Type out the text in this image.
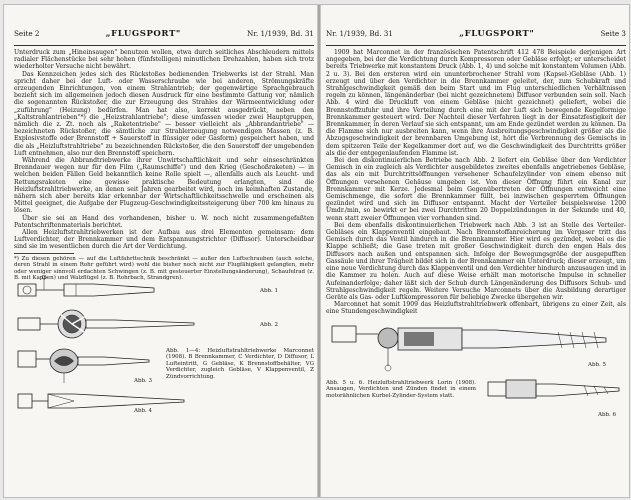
Seite 2	„FLUGSPORT"	Nr. 1/1939, Bd. 31

Unterdruck zum „Hineinsaugen" benutzen wollen, etwa durch seitliches Abschleudern mittels radialer Flächenstücke bei sehr hohen (fünfstelligen) minutlichen Drehzahlen, haben sich trotz wiederholter Versuche nicht bewährt.

Das Kennzeichen jedes sich des Rückstoßes bedienenden Triebwerks ist der Strahl. Man spricht daher bei der Luft- oder Wasserschraube wie bei anderen, Strömungskräfte erzeugenden Einrichtungen, von einem Strahlantrieb; der gegenwärtige Sprachgebrauch bezieht sich im allgemeinen jedoch diesen Ausdruck für eine bestimmte Gattung vor, nämlich die sogenannten Rückstoßer, die zur Erzeugung des Strahles der Wärmeentwicklung oder „zuführung" (Heizung) bedürfen. Man hat also, korrekt ausgedrückt, neben den „Kaltstrahlantrieben"*) die „Heizstrahlantriebe"; diese umfassen wieder zwei Hauptgruppen, nämlich die z. Zt. noch als „Raketentriebe" — besser vielleicht als „Abbrandantriebe" — bezeichneten Rückstoßer, die sämtliche zur Strahlerzeugung notwendigen Massen (z. B. Explosivstoffe oder Brennstoff + Sauerstoff in flüssiger oder Gasform) gespeichert haben, und die als „Heizluftstrahltriebe" zu bezeichnenden Rückstoßer, die den Sauerstoff der umgebenden Luft entnehmen, also nur den Brennstoff speichern.

Während die Abbrandtriebwerke ihrer Unwirtschaftlichkeit und sehr einseschränkten Brenndauer wegen nur für den Film („Raumschiffe") und den Krieg (Geschoßraketen) — in welchen beiden Fällen Geld bekanntlich keine Rolle spielt —, allenfalls auch als Leucht- und Rettungsraketen eine gewisse praktische Bedeutung erlangten, sind die Heizluftstrahltriebwerke, an denen seit Jahren gearbeitet wird, noch im keimhaften Zustande, nähern sich aber bereits klar erkennbar der Wirtschaftlichkeitsschwelle und erscheinen als Mittel geeignet, die Aufgabe der Flugzeug-Geschwindigkeitssteigerung über 700 km hinaus zu lösen.

Über sie sei an Hand des vorhandenen, bisher u. W. noch nicht zusammengefaßten Patentschriftenmaterials berichtet.

Allen Heizluftstrahltriebwerken ist der Aufbau aus drei Elementen gemeinsam: dem Luftverdichter, der Brennkammer und dem Entspannungstrichter (Diffusor). Unterscheidbar sind sie im wesentlichen durch die Art der Verdichtung.

*) Zu diesen gehören — auf die Luftfahrttechnik beschränkt — außer den Luftschrauben (auch solche, deren Strahl in einem Rohr geführt wird) wohl die bisher noch nicht zur Flugfähigkeit gelangten, mehr oder weniger sinnvoll erdachten Schwingen (z. B. mit gesteuerter Einstellungsänderung), Schaufelrad (z. B. mit Kappen) und Walzflügel (z. B. Rohrbach, Strandgren).
Abb. 1
Abb. 2
Abb. 3
Abb. 1—4: Heizluftstrahltriebwerke Marconnet (1908). B Brennkammer, C Verdichter, D Diffusor, L Lufteintritt, G Gebläse, K Brennstoffbehälter, VG Verdichter, zugleich Gebläse, V Klappenventil, Z Zündvorrichtung.
Abb. 4
Nr. 1/1939, Bd. 31	„FLUGSPORT"	Seite 3

1909 hat Marconnet in der französischen Patentschrift 412 478 Beispiele derjenigen Art angegeben, bei der die Verdichtung durch Kompressoren oder Gebläse erfolgt; er unterscheidet bereits Triebwerke mit konstantem Druck (Abb. 1, 4) und solche mit konstantem Volumen (Abb. 2 u. 3). Bei den ersteren wird ein ununterbrochener Strahl vom (Kapsel-)Gebläse (Abb. 1) erzeugt und über den Verdichter in die Brennkammer geleitet, der, zum Schubkraft und Strahlgeschwindigkeit gemäß den beim Start und im Flug unterschiedlichen Verhältnissen regeln zu können, längenänderbar (bei nicht gezeichnetem) Diffusor verbunden sein soll. Nach Abb. 4 wird die Druckluft von einem Gebläse (nicht gezeichnet) geliefert, wobei die Brennstoffzufuhr und ihre Verteilung durch eine mit der Luft sich bewegende Kegelformige Brennkammer gesteuert wird. Der Nachteil dieser Verfahren liegt in der Einsatzfestigkeit der Brennkammer, in deren Verlauf sie sich entspannt, um am Ende gezündet werden zu können. Da die Flamme sich nur ausbreiten kann, wenn ihre Ausbreitungsgeschwindigkeit größer als die Abzugsgeschwindigkeit der brennbaren Umgebung ist, hört die Verbrennung des Gemischs in dem spitzeren Teile der Kegelkammer dort auf, wo die Geschwindigkeit des Durchtritts größer als die der entgegenlaufenden Flamme ist.

Bei den diskontinuierlichen Betriebe nach Abb. 2 liefert ein Gebläse über den Verdichter Gemisch in ein zugleich als Verdichter ausgebildetes zweites ebenfalls angetriebenes Gebläse, das als ein mit Durchtrittsöffnungen versehener Schaufelzylinder von einem ebenso mit Öffnungen versehenen Gehäuse umgeben ist. Von dieser Öffnung führt ein Kanal zur Brennkammer mit Kerze. Jedesmal beim Gegenübertreten der Öffnungen entweicht eine Gemischmenge, die sofort die Brennkammer füllt, bei inzwischen gesperrtem Öffnungen gezündet wird und sich im Diffusor entspannt. Macht der Verteiler beispielsweise 1200 Umdr./min, so bewirkt er bei zwei Durchtritten 20 Doppelzündungen in der Sekunde und 40, wenn statt zweier Öffnungen vier vorhanden sind.

Bei dem ebenfalls diskontinuierlichen Triebwerk nach Abb. 3 ist an Stelle des Verteiler-Gebläses ein Klappenventil eingebaut. Nach Brennstoffanreicherung im Vergaser tritt das Gemisch durch das Ventil hindurch in die Brennkammer. Hier wird es gezündet, wobei es die Klappe schließt; die Gase treten mit großer Geschwindigkeit durch den engen Hals des Diffusors nach außen und entspannen sich. Infolge der Bewegungsgröße der ausgepufften Gassäule und ihrer Trägheit bildet sich in der Brennkammer ein Unterdruck; dieser erzeugt, um eine neue Verdichtung durch das Klappenventil und den Verdichter hindurch anzusaugen und in die Kammer zu holen. Auch auf diese Weise erhält man motorische Impulse in schneller Aufeinanderfolge; daher läßt sich der Schub durch Längenänderung des Diffusors Schub- und Strahlgeschwindigkeit regeln. Weitere Versuche Marconnets über die Ausbildung derartiger Geräte als Gas- oder Luftkompressoren für beliebige Zwecke übergehen wir.

Marconnet hat somit 1909 das Heizluftstrahltriebwerk offenbart, übrigens zu einer Zeit, als eine Stundengeschwindigkeit

Abb. 5
Abb. 5 u. 6. Heizluftstrahltriebwerk Lorin (1908). Ansaugen, Verdichten und Zünden findet in einem motorähnlichen Kurbel-Zylinder-System statt.
Abb. 6
